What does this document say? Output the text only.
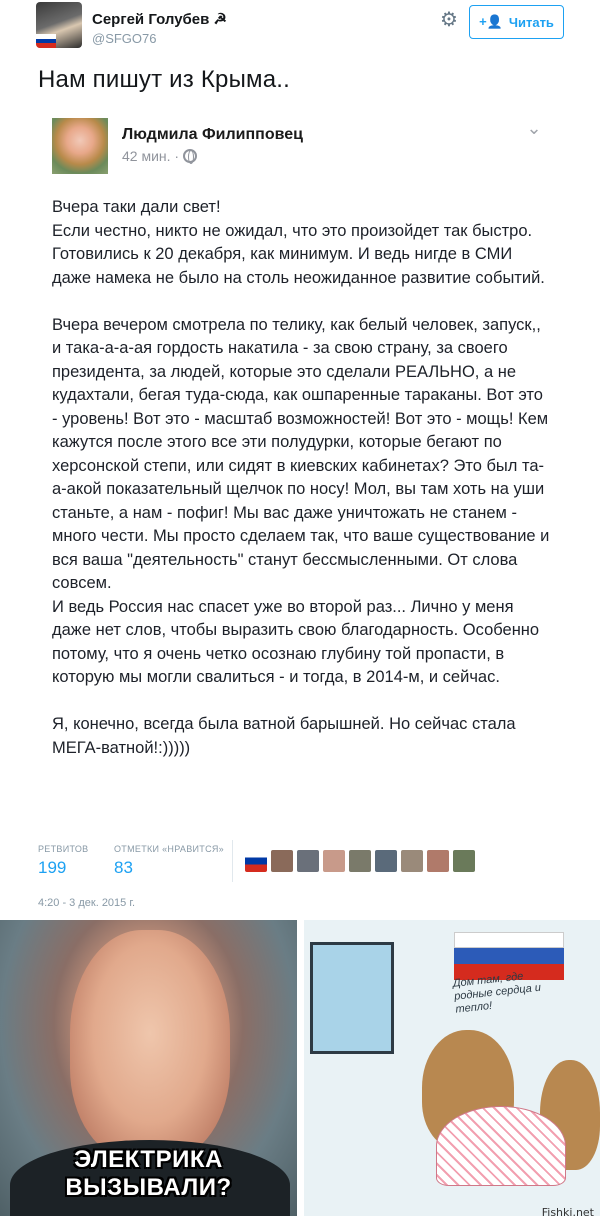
Сергей Голубев ☭
@SFGO76
⚙ +👤 Читать
Нам пишут из Крыма..
Людмила Филипповец
42 мин. ·
⌄

Вчера таки дали свет!

Если честно, никто не ожидал, что это произойдет так быстро. Готовились к 20 декабря, как минимум. И ведь нигде в СМИ даже намека не было на столь неожиданное развитие событий.

Вчера вечером смотрела по телику, как белый человек, запуск,, и така-а-а-ая гордость накатила - за свою страну, за своего президента, за людей, которые это сделали РЕАЛЬНО, а не кудахтали, бегая туда-сюда, как ошпаренные тараканы. Вот это - уровень! Вот это - масштаб возможностей! Вот это - мощь! Кем кажутся после этого все эти полудурки, которые бегают по херсонской степи, или сидят в киевских кабинетах? Это был та-а-акой показательный щелчок по носу! Мол, вы там хоть на уши станьте, а нам - пофиг! Мы вас даже уничтожать не станем - много чести. Мы просто сделаем так, что ваше существование и вся ваша "деятельность" станут бессмысленными. От слова совсем.

И ведь Россия нас спасет уже во второй раз... Лично у меня даже нет слов, чтобы выразить свою благодарность. Особенно потому, что я очень четко осознаю глубину той пропасти, в которую мы могли свалиться - и тогда, в 2014-м, и сейчас.

Я, конечно, всегда была ватной барышней. Но сейчас стала МЕГА-ватной!:)))))

РЕТВИТОВ
199
ОТМЕТКИ «НРАВИТСЯ»
83
4:20 - 3 дек. 2015 г.
ЭЛЕКТРИКА ВЫЗЫВАЛИ?
Дом там, где родные сердца и тепло!
Fishki.net
